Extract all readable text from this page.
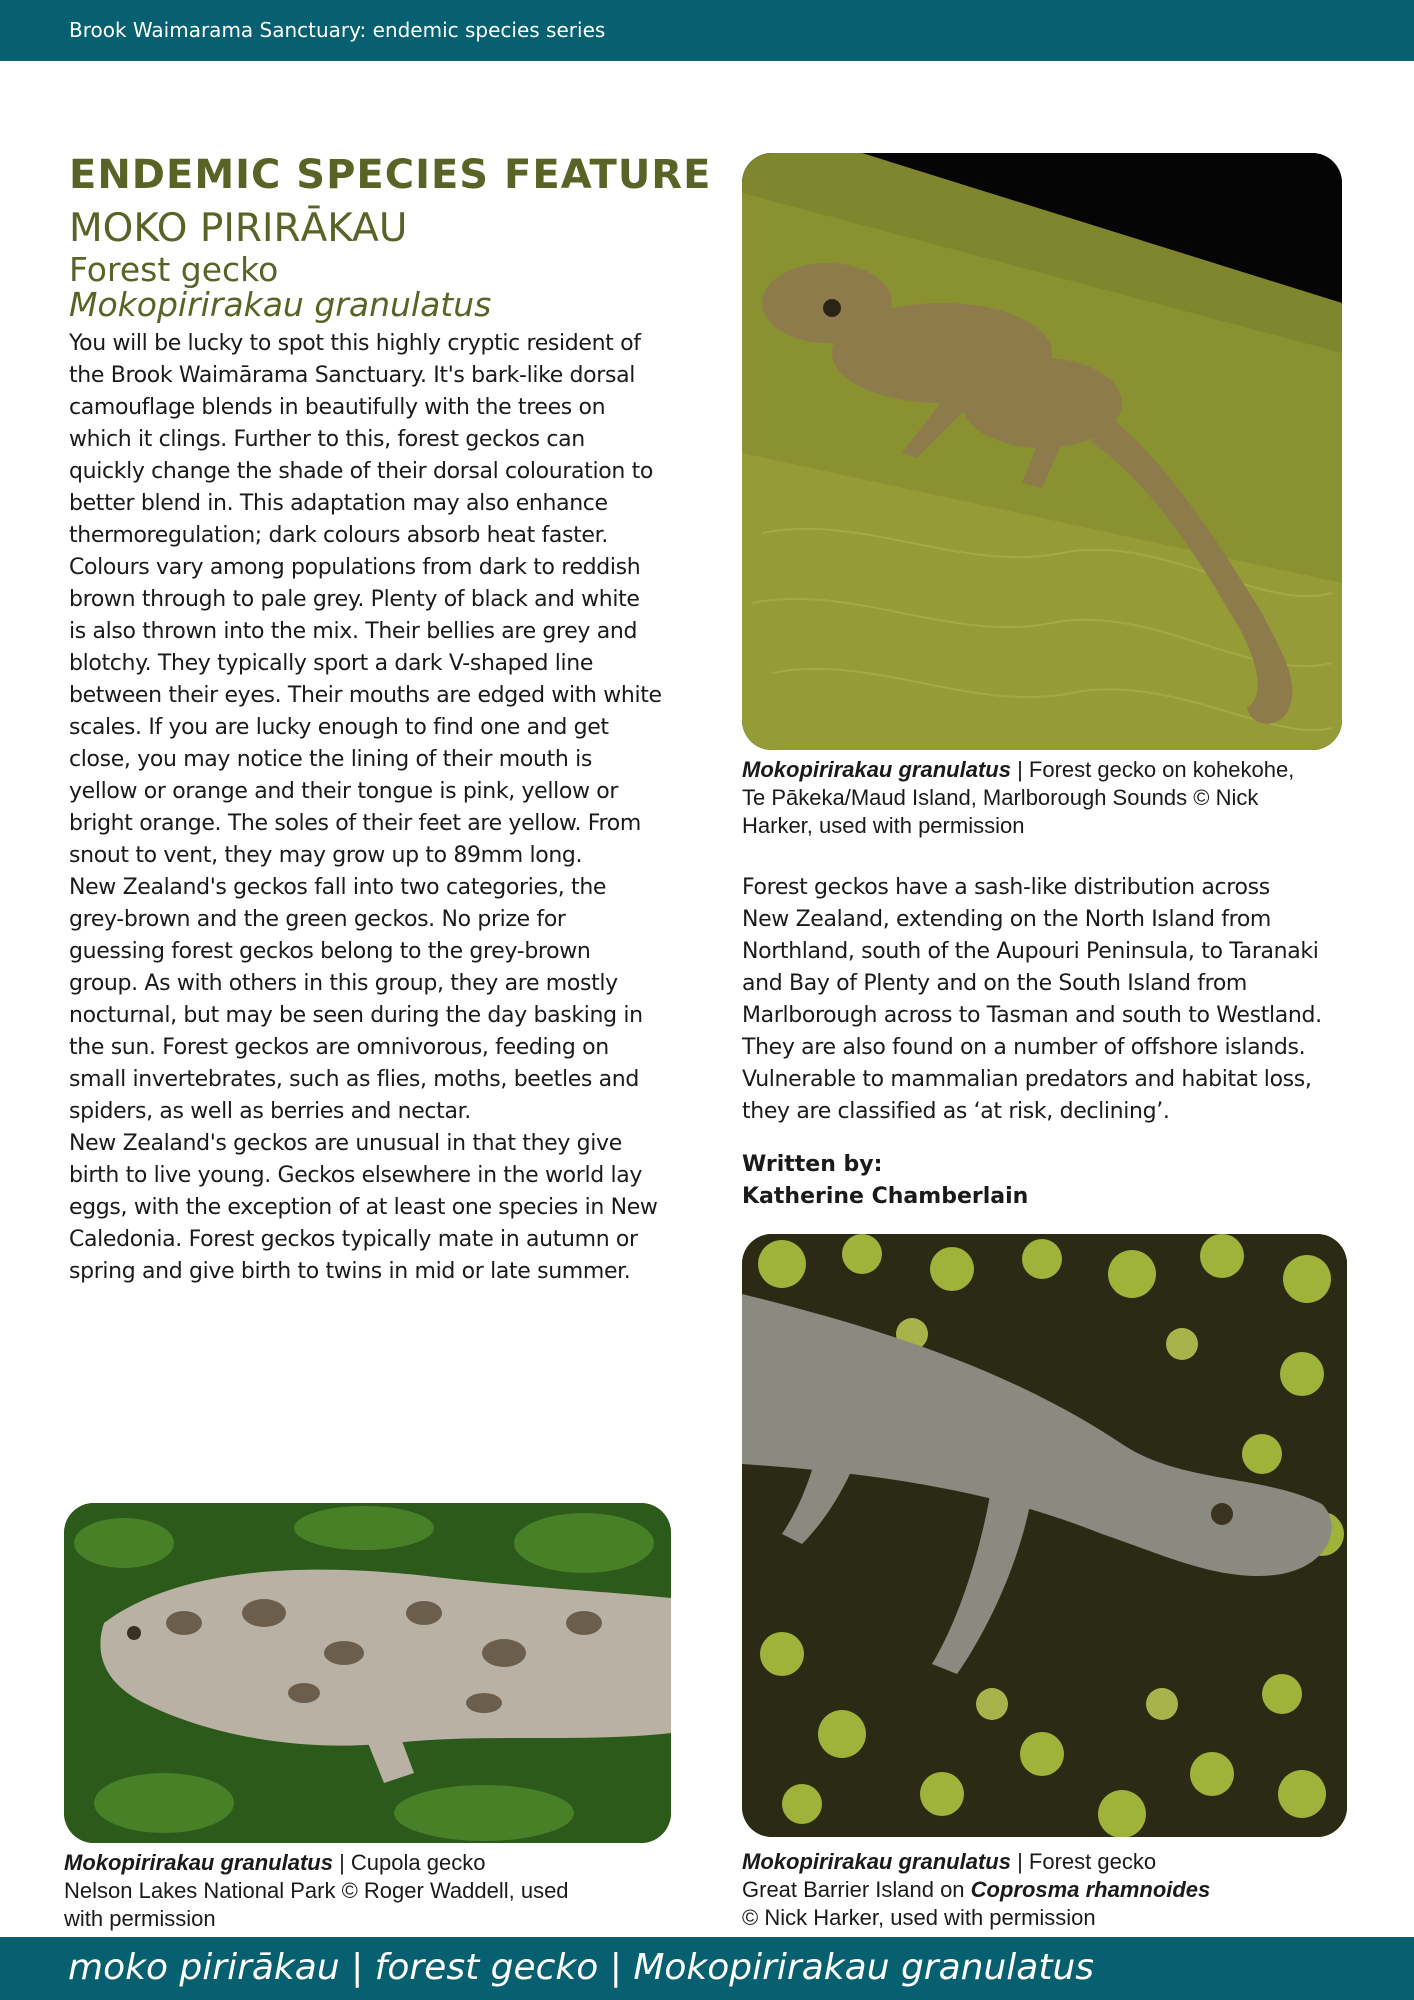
Brook Waimarama Sanctuary: endemic species series
ENDEMIC SPECIES FEATURE
MOKO PIRIRĀKAU
Forest gecko
Mokopirirakau granulatus
You will be lucky to spot this highly cryptic resident of
the Brook Waimārama Sanctuary. It's bark-like dorsal
camouflage blends in beautifully with the trees on
which it clings. Further to this, forest geckos can
quickly change the shade of their dorsal colouration to
better blend in. This adaptation may also enhance
thermoregulation; dark colours absorb heat faster.
Colours vary among populations from dark to reddish
brown through to pale grey. Plenty of black and white
is also thrown into the mix. Their bellies are grey and
blotchy. They typically sport a dark V-shaped line
between their eyes. Their mouths are edged with white
scales. If you are lucky enough to find one and get
close, you may notice the lining of their mouth is
yellow or orange and their tongue is pink, yellow or
bright orange. The soles of their feet are yellow. From
snout to vent, they may grow up to 89mm long.
New Zealand's geckos fall into two categories, the
grey-brown and the green geckos. No prize for
guessing forest geckos belong to the grey-brown
group. As with others in this group, they are mostly
nocturnal, but may be seen during the day basking in
the sun. Forest geckos are omnivorous, feeding on
small invertebrates, such as flies, moths, beetles and
spiders, as well as berries and nectar.
New Zealand's geckos are unusual in that they give
birth to live young. Geckos elsewhere in the world lay
eggs, with the exception of at least one species in New
Caledonia. Forest geckos typically mate in autumn or
spring and give birth to twins in mid or late summer.
Mokopirirakau granulatus | Forest gecko on kohekohe,
Te Pākeka/Maud Island, Marlborough Sounds © Nick
Harker, used with permission
Forest geckos have a sash-like distribution across
New Zealand, extending on the North Island from
Northland, south of the Aupouri Peninsula, to Taranaki
and Bay of Plenty and on the South Island from
Marlborough across to Tasman and south to Westland.
They are also found on a number of offshore islands.
Vulnerable to mammalian predators and habitat loss,
they are classified as ‘at risk, declining’.
Written by:
Katherine Chamberlain
Mokopirirakau granulatus | Forest gecko
Great Barrier Island on Coprosma rhamnoides
© Nick Harker, used with permission
Mokopirirakau granulatus | Cupola gecko
Nelson Lakes National Park © Roger Waddell, used
with permission
moko pirirākau | forest gecko | Mokopirirakau granulatus
